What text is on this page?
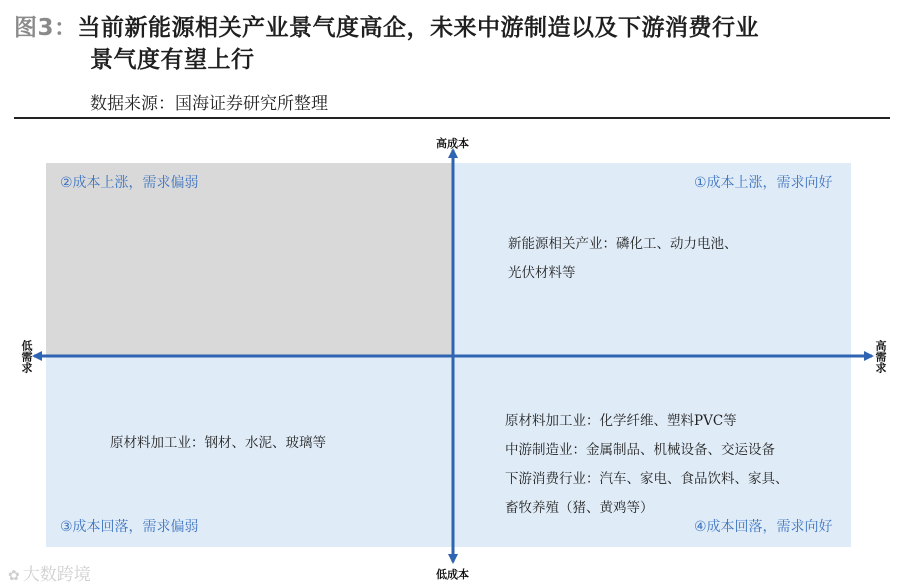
图3：当前新能源相关产业景气度高企，未来中游制造以及下游消费行业
景气度有望上行
数据来源：国海证券研究所整理
高成本
低成本
低需求	高需求
②成本上涨，需求偏弱	①成本上涨，需求向好
③成本回落，需求偏弱	④成本回落，需求向好
新能源相关产业：磷化工、动力电池、
光伏材料等
原材料加工业：钢材、水泥、玻璃等
原材料加工业：化学纤维、塑料PVC等
中游制造业：金属制品、机械设备、交运设备
下游消费行业：汽车、家电、食品饮料、家具、
畜牧养殖（猪、黄鸡等）
✿ 大数跨境
